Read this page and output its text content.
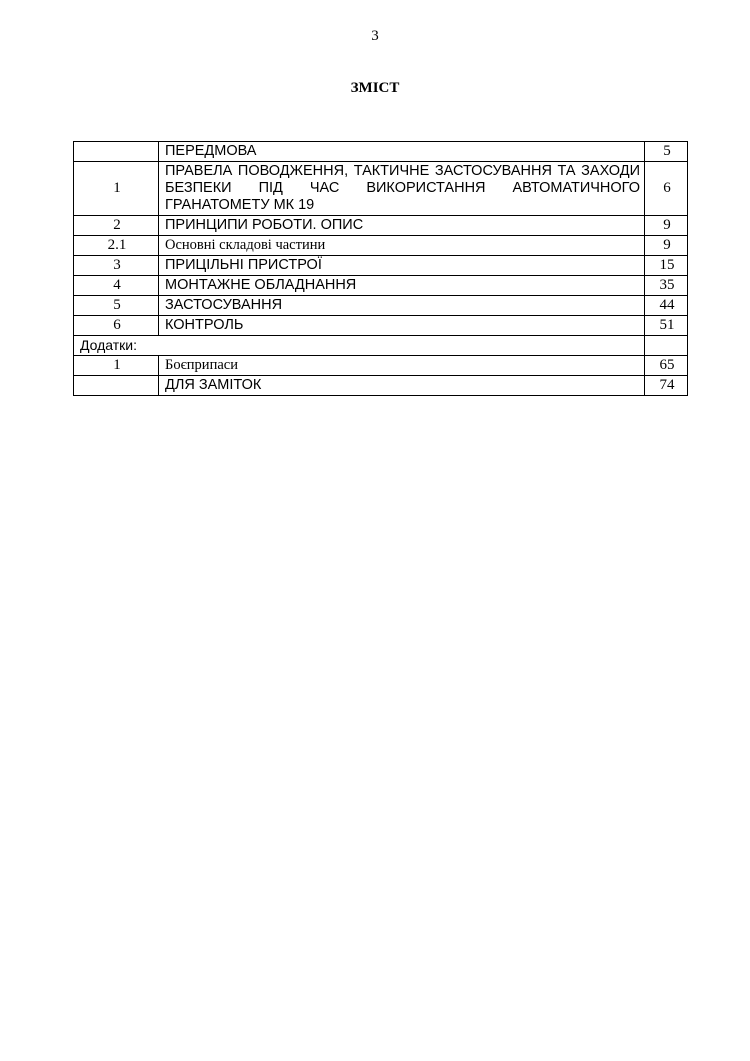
3
ЗМІСТ
	ПЕРЕДМОВА	5
1	ПРАВЕЛА ПОВОДЖЕННЯ, ТАКТИЧНЕ ЗАСТОСУВАННЯ ТА ЗАХОДИ БЕЗПЕКИ ПІД ЧАС ВИКОРИСТАННЯ АВТОМАТИЧНОГО ГРАНАТОМЕТУ МК 19	6
2	ПРИНЦИПИ РОБОТИ. ОПИС	9
2.1	Основні складові частини	9
3	ПРИЦІЛЬНІ ПРИСТРОЇ	15
4	МОНТАЖНЕ ОБЛАДНАННЯ	35
5	ЗАСТОСУВАННЯ	44
6	КОНТРОЛЬ	51
Додатки:		
1	Боєприпаси	65
	ДЛЯ ЗАМІТОК	74
